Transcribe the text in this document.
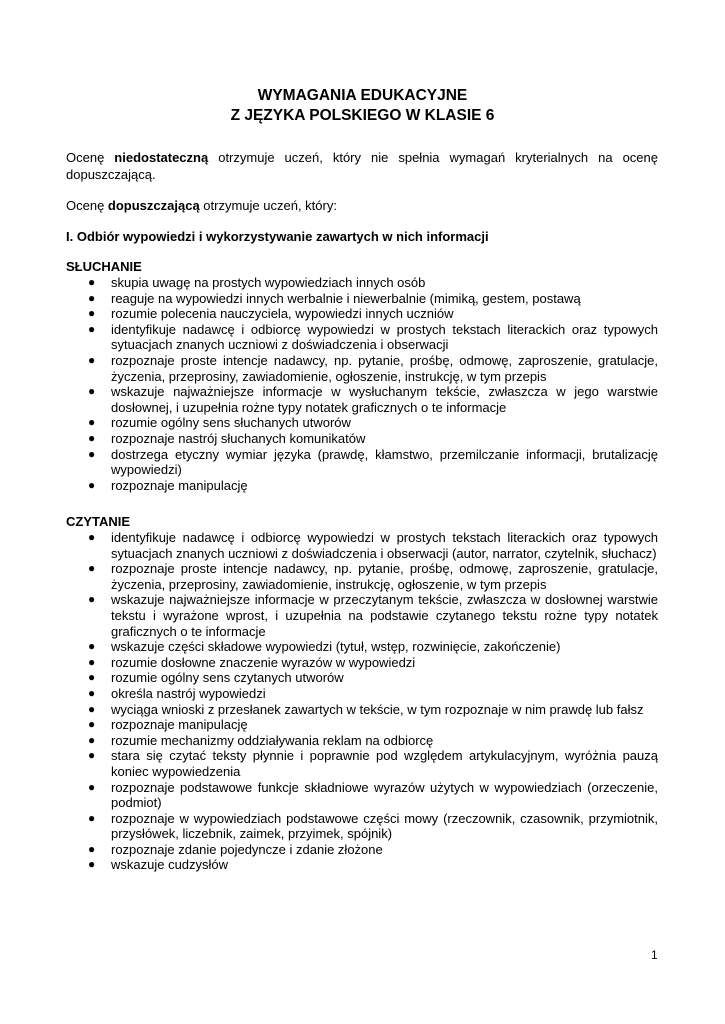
WYMAGANIA EDUKACYJNE
Z JĘZYKA POLSKIEGO W KLASIE 6
Ocenę niedostateczną otrzymuje uczeń, który nie spełnia wymagań kryterialnych na ocenę dopuszczającą.
Ocenę dopuszczającą otrzymuje uczeń, który:
I. Odbiór wypowiedzi i wykorzystywanie zawartych w nich informacji
SŁUCHANIE
●	skupia uwagę na prostych wypowiedziach innych osób
●	reaguje na wypowiedzi innych werbalnie i niewerbalnie (mimiką, gestem, postawą
●	rozumie polecenia nauczyciela, wypowiedzi innych uczniów
●	identyfikuje nadawcę i odbiorcę wypowiedzi w prostych tekstach literackich oraz typowych sytuacjach znanych uczniowi z doświadczenia i obserwacji
●	rozpoznaje proste intencje nadawcy, np. pytanie, prośbę, odmowę, zaproszenie, gratulacje, życzenia, przeprosiny, zawiadomienie, ogłoszenie, instrukcję, w tym przepis
●	wskazuje najważniejsze informacje w wysłuchanym tekście, zwłaszcza w jego warstwie dosłownej, i uzupełnia rożne typy notatek graficznych o te informacje
●	rozumie ogólny sens słuchanych utworów
●	rozpoznaje nastrój słuchanych komunikatów
●	dostrzega etyczny wymiar języka (prawdę, kłamstwo, przemilczanie informacji, brutalizację wypowiedzi)
●	rozpoznaje manipulację
CZYTANIE
●	identyfikuje nadawcę i odbiorcę wypowiedzi w prostych tekstach literackich oraz typowych sytuacjach znanych uczniowi z doświadczenia i obserwacji (autor, narrator, czytelnik, słuchacz)
●	rozpoznaje proste intencje nadawcy, np. pytanie, prośbę, odmowę, zaproszenie, gratulacje, życzenia, przeprosiny, zawiadomienie, instrukcję, ogłoszenie, w tym przepis
●	wskazuje najważniejsze informacje w przeczytanym tekście, zwłaszcza w dosłownej warstwie tekstu i wyrażone wprost, i uzupełnia na podstawie czytanego tekstu rożne typy notatek graficznych o te informacje
●	wskazuje części składowe wypowiedzi (tytuł, wstęp, rozwinięcie, zakończenie)
●	rozumie dosłowne znaczenie wyrazów w wypowiedzi
●	rozumie ogólny sens czytanych utworów
●	określa nastrój wypowiedzi
●	wyciąga wnioski z przesłanek zawartych w tekście, w tym rozpoznaje w nim prawdę lub fałsz
●	rozpoznaje manipulację
●	rozumie mechanizmy oddziaływania reklam na odbiorcę
●	stara się czytać teksty płynnie i poprawnie pod względem artykulacyjnym, wyróżnia pauzą koniec wypowiedzenia
●	rozpoznaje podstawowe funkcje składniowe wyrazów użytych w wypowiedziach (orzeczenie, podmiot)
●	rozpoznaje w wypowiedziach podstawowe części mowy (rzeczownik, czasownik, przymiotnik, przysłówek, liczebnik, zaimek, przyimek, spójnik)
●	rozpoznaje zdanie pojedyncze i zdanie złożone
●	wskazuje cudzysłów
1
